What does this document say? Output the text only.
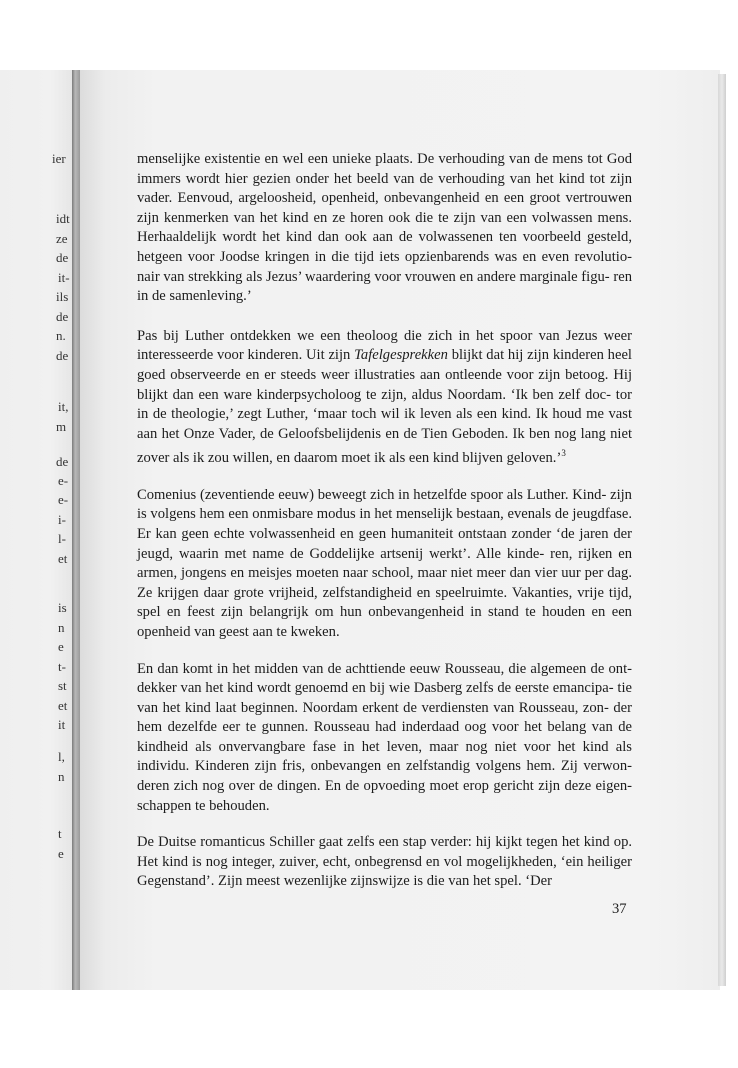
ier
idt
ze
de
it-
ils
de
n.
de
it,
m
de
e-
e-
i-
l-
et
is
n
e
t-
st
et
it
l,
n
t
e

menselijke existentie en wel een unieke plaats. De verhouding van de mens tot God immers wordt hier gezien onder het beeld van de verhouding van het kind tot zijn vader. Eenvoud, argeloosheid, openheid, onbevangenheid en een groot vertrouwen zijn kenmerken van het kind en ze horen ook die te zijn van een volwassen mens. Herhaaldelijk wordt het kind dan ook aan de volwassenen ten voorbeeld gesteld, hetgeen voor Joodse kringen in die tijd iets opzienbarends was en even revolutio- nair van strekking als Jezus’ waardering voor vrouwen en andere marginale figu- ren in de samenleving.’

Pas bij Luther ontdekken we een theoloog die zich in het spoor van Jezus weer interesseerde voor kinderen. Uit zijn Tafelgesprekken blijkt dat hij zijn kinderen heel goed observeerde en er steeds weer illustraties aan ontleende voor zijn betoog. Hij blijkt dan een ware kinderpsycholoog te zijn, aldus Noordam. ‘Ik ben zelf doc- tor in de theologie,’ zegt Luther, ‘maar toch wil ik leven als een kind. Ik houd me vast aan het Onze Vader, de Geloofsbelijdenis en de Tien Geboden. Ik ben nog lang niet zover als ik zou willen, en daarom moet ik als een kind blijven geloven.’$^3$

Comenius (zeventiende eeuw) beweegt zich in hetzelfde spoor als Luther. Kind- zijn is volgens hem een onmisbare modus in het menselijk bestaan, evenals de jeugdfase. Er kan geen echte volwassenheid en geen humaniteit ontstaan zonder ‘de jaren der jeugd, waarin met name de Goddelijke artsenij werkt’. Alle kinde- ren, rijken en armen, jongens en meisjes moeten naar school, maar niet meer dan vier uur per dag. Ze krijgen daar grote vrijheid, zelfstandigheid en speelruimte. Vakanties, vrije tijd, spel en feest zijn belangrijk om hun onbevangenheid in stand te houden en een openheid van geest aan te kweken.

En dan komt in het midden van de achttiende eeuw Rousseau, die algemeen de ont- dekker van het kind wordt genoemd en bij wie Dasberg zelfs de eerste emancipa- tie van het kind laat beginnen. Noordam erkent de verdiensten van Rousseau, zon- der hem dezelfde eer te gunnen. Rousseau had inderdaad oog voor het belang van de kindheid als onvervangbare fase in het leven, maar nog niet voor het kind als individu. Kinderen zijn fris, onbevangen en zelfstandig volgens hem. Zij verwon- deren zich nog over de dingen. En de opvoeding moet erop gericht zijn deze eigen- schappen te behouden.

De Duitse romanticus Schiller gaat zelfs een stap verder: hij kijkt tegen het kind op. Het kind is nog integer, zuiver, echt, onbegrensd en vol mogelijkheden, ‘ein heiliger Gegenstand’. Zijn meest wezenlijke zijnswijze is die van het spel. ‘Der

37
